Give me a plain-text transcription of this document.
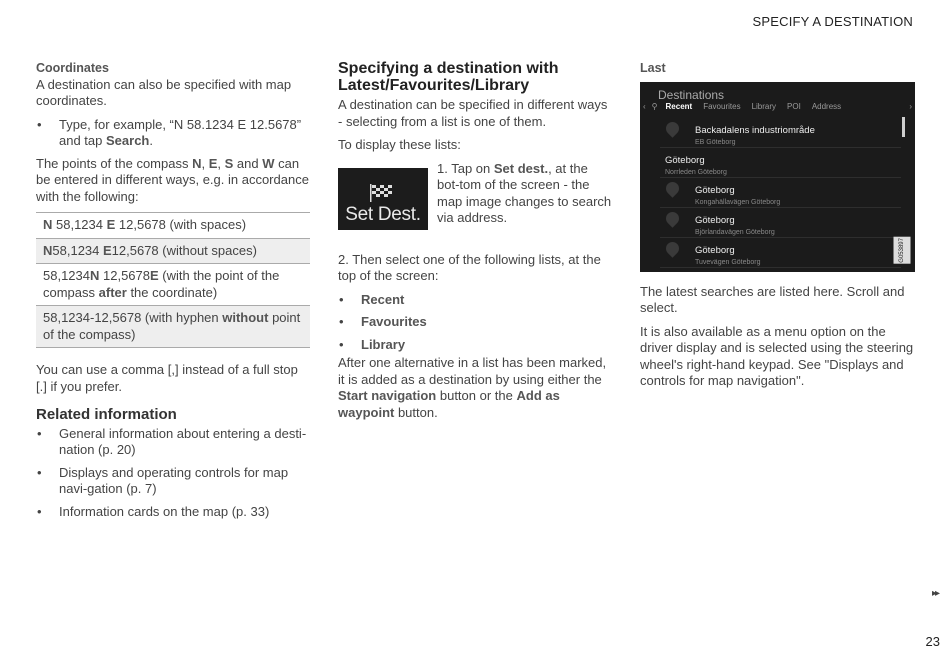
SPECIFY A DESTINATION
Coordinates

A destination can also be specified with map coordinates.

• Type, for example, “N 58.1234 E 12.5678” and tap Search.

The points of the compass N, E, S and W can be entered in different ways, e.g. in accordance with the following:

N 58,1234 E 12,5678 (with spaces)
N58,1234 E12,5678 (without spaces)
58,1234N 12,5678E (with the point of the compass after the coordinate)
58,1234-12,5678 (with hyphen without point of the compass)

You can use a comma [,] instead of a full stop [.] if you prefer.

Related information
• General information about entering a desti-nation (p. 20)
• Displays and operating controls for map navi-gation (p. 7)
• Information cards on the map (p. 33)
Specifying a destination with
Latest/Favourites/Library

A destination can be specified in different ways - selecting from a list is one of them.

To display these lists:

Set Dest.

1. Tap on Set dest., at the bot-tom of the screen - the map image changes to search via address.

2. Then select one of the following lists, at the top of the screen:

• Recent
• Favourites
• Library

After one alternative in a list has been marked, it is added as a destination by using either the Start navigation button or the Add as waypoint button.

Last
Destinations
‹ ⚲ Recent Favourites Library POI Address	›
Backadalens industriområde
EB Göteborg
Göteborg
Norrleden Göteborg
Göteborg
Kongahällavägen Göteborg
Göteborg
Björlandavägen Göteborg
Göteborg
Tuvevägen Göteborg	G053897

The latest searches are listed here. Scroll and select.

It is also available as a menu option on the driver display and is selected using the steering wheel's right-hand keypad. See "Displays and controls for map navigation".

▸▸
23
